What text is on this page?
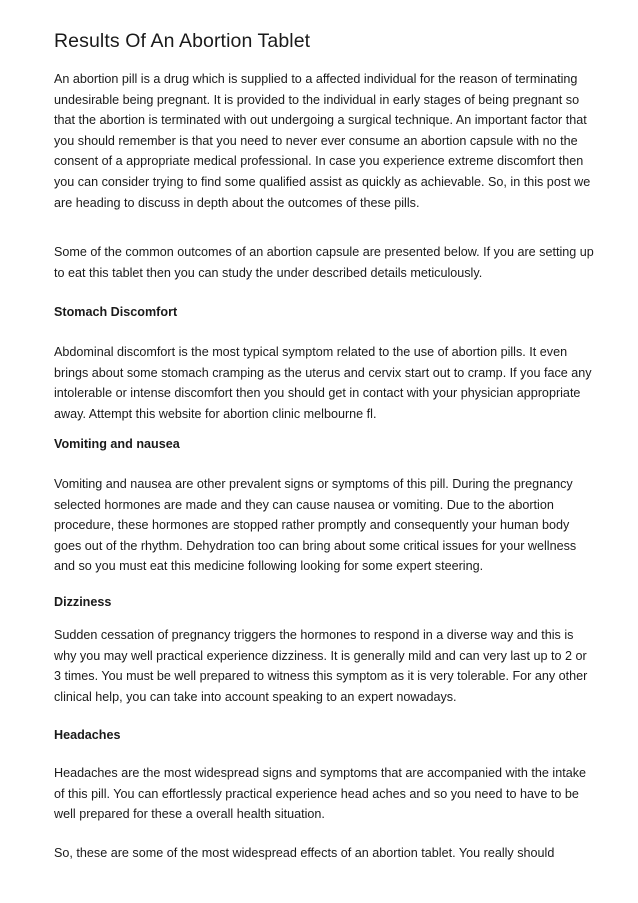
Results Of An Abortion Tablet

An abortion pill is a drug which is supplied to a affected individual for the reason of terminating undesirable being pregnant. It is provided to the individual in early stages of being pregnant so that the abortion is terminated with out undergoing a surgical technique. An important factor that you should remember is that you need to never ever consume an abortion capsule with no the consent of a appropriate medical professional. In case you experience extreme discomfort then you can consider trying to find some qualified assist as quickly as achievable. So, in this post we are heading to discuss in depth about the outcomes of these pills.

Some of the common outcomes of an abortion capsule are presented below. If you are setting up to eat this tablet then you can study the under described details meticulously.

Stomach Discomfort

Abdominal discomfort is the most typical symptom related to the use of abortion pills. It even brings about some stomach cramping as the uterus and cervix start out to cramp. If you face any intolerable or intense discomfort then you should get in contact with your physician appropriate away. Attempt this website for abortion clinic melbourne fl.

Vomiting and nausea

Vomiting and nausea are other prevalent signs or symptoms of this pill. During the pregnancy selected hormones are made and they can cause nausea or vomiting. Due to the abortion procedure, these hormones are stopped rather promptly and consequently your human body goes out of the rhythm. Dehydration too can bring about some critical issues for your wellness and so you must eat this medicine following looking for some expert steering.

Dizziness

Sudden cessation of pregnancy triggers the hormones to respond in a diverse way and this is why you may well practical experience dizziness. It is generally mild and can very last up to 2 or 3 times. You must be well prepared to witness this symptom as it is very tolerable. For any other clinical help, you can take into account speaking to an expert nowadays.

Headaches

Headaches are the most widespread signs and symptoms that are accompanied with the intake of this pill. You can effortlessly practical experience head aches and so you need to have to be well prepared for these a overall health situation.

So, these are some of the most widespread effects of an abortion tablet. You really should
